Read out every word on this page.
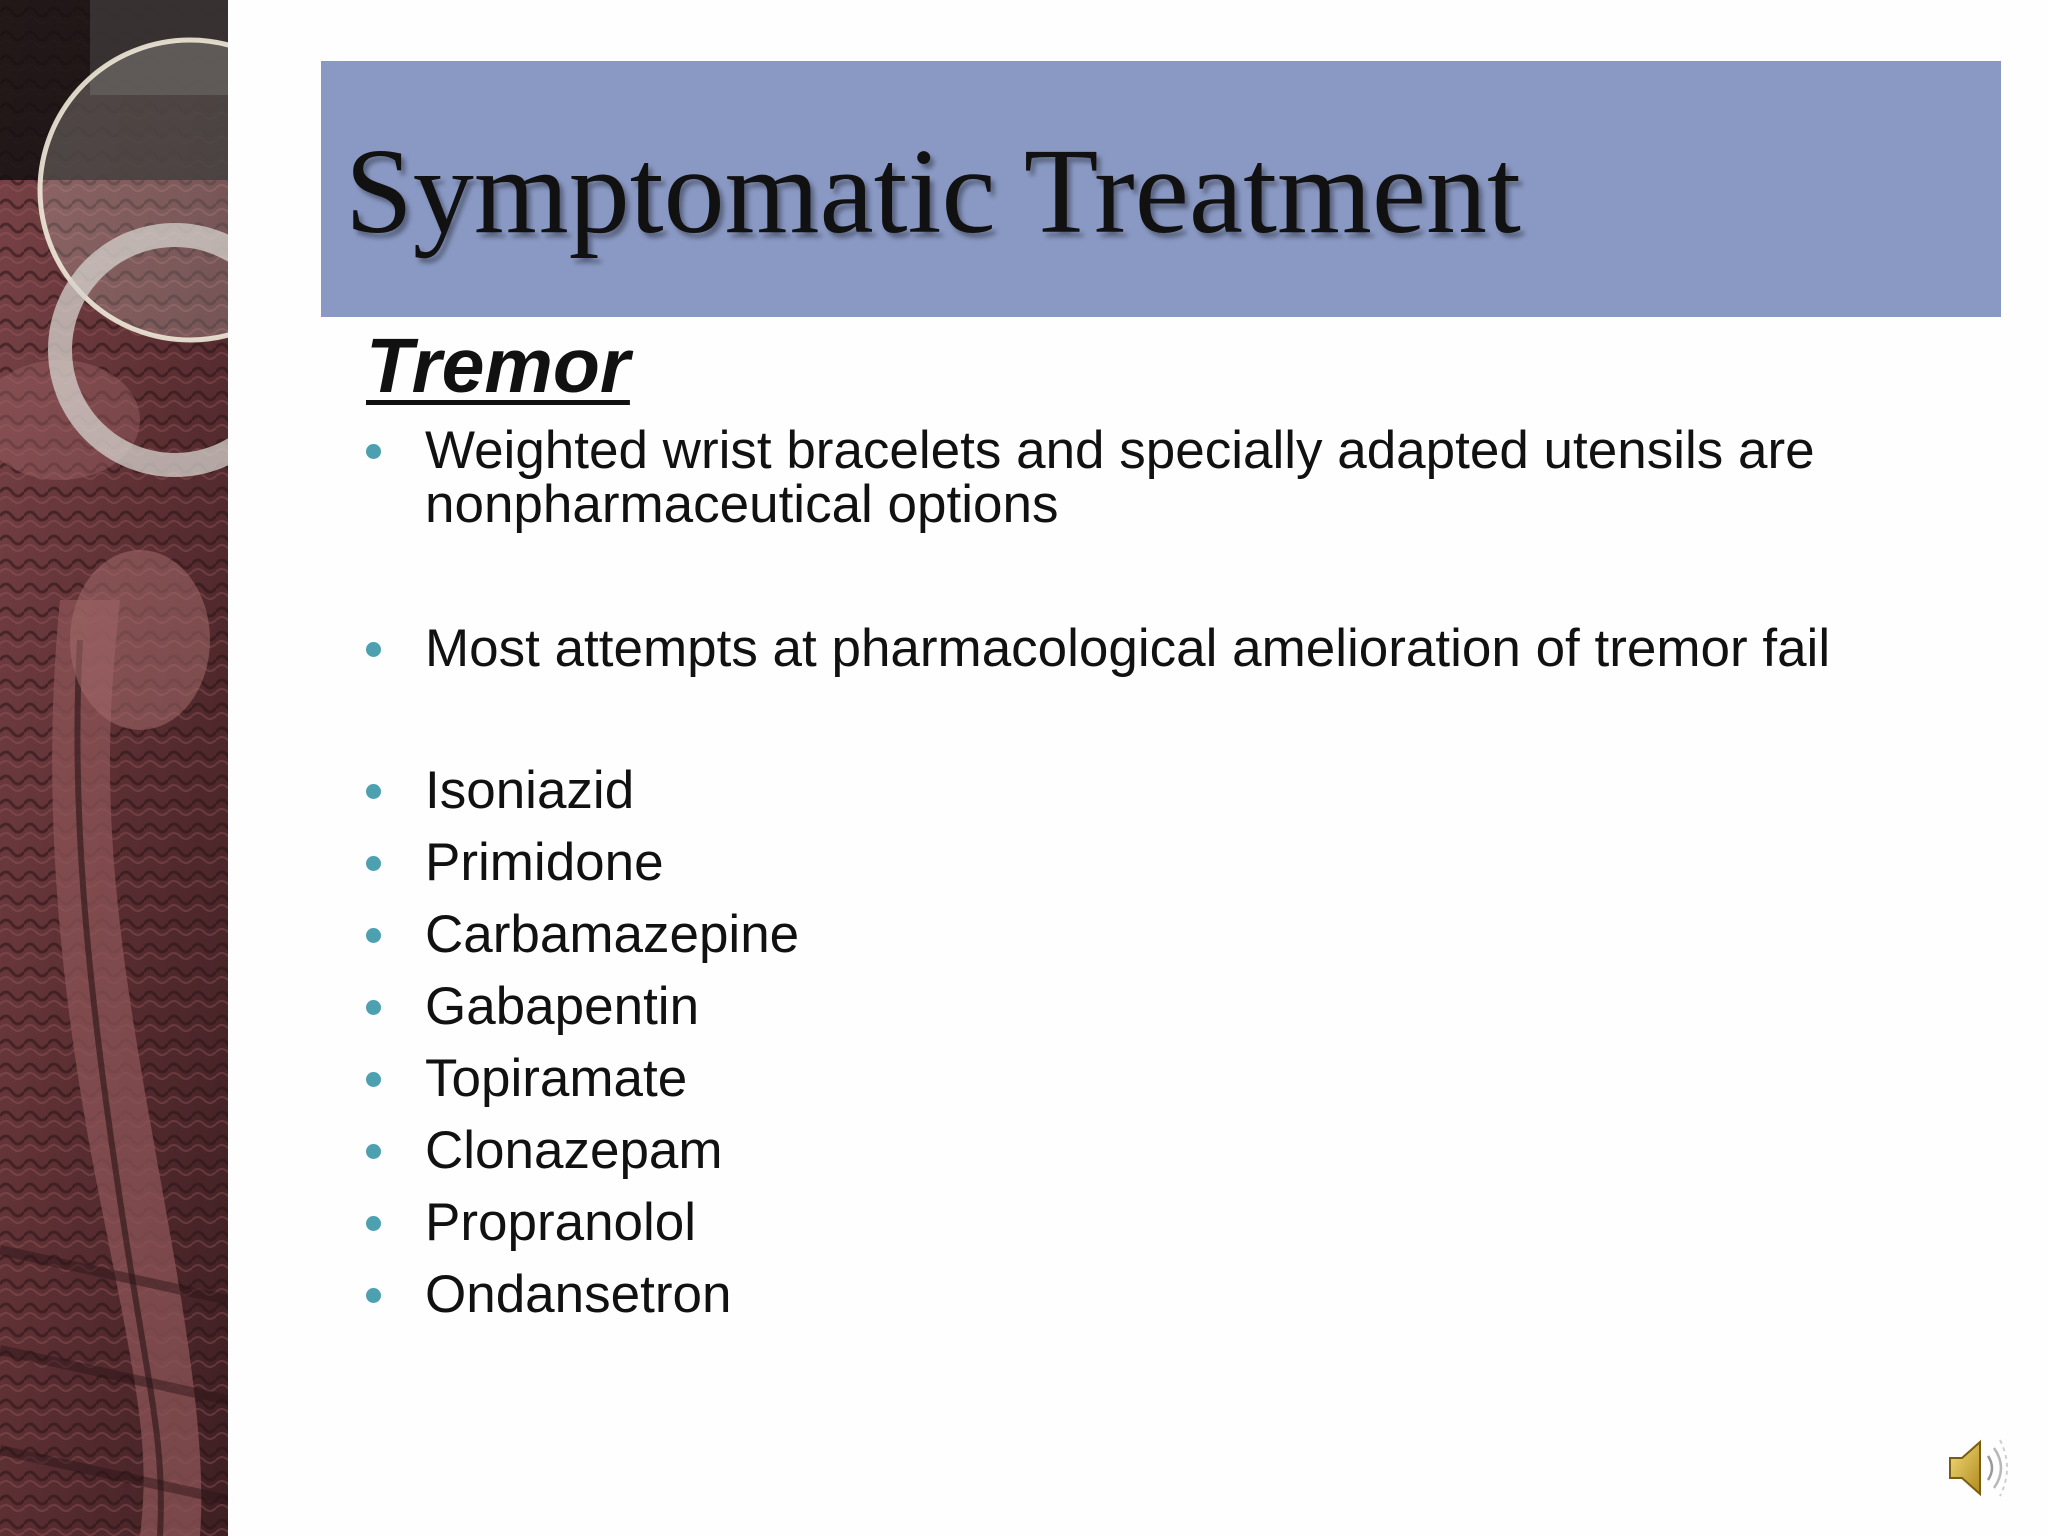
Symptomatic Treatment
Tremor
Weighted wrist bracelets and specially adapted utensils are
nonpharmaceutical options
Most attempts at pharmacological amelioration of tremor fail
Isoniazid
Primidone
Carbamazepine
Gabapentin
Topiramate
Clonazepam
Propranolol
Ondansetron
